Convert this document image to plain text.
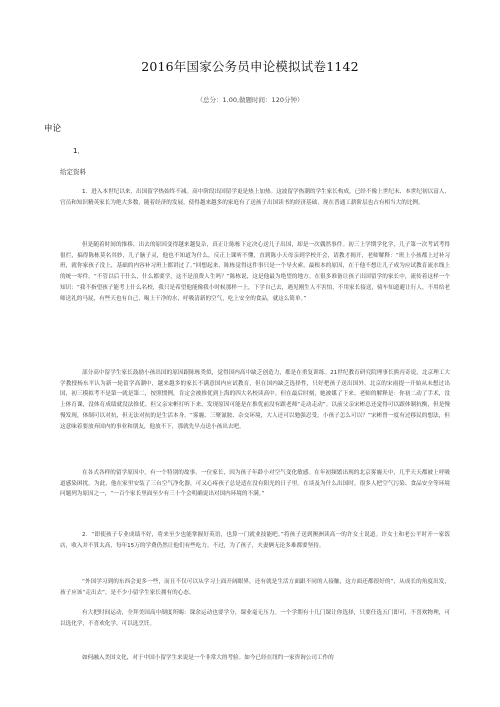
2016年国家公务员申论模拟试卷1142
（总分：1.00,做题时间：120分钟）
申论
1．
给定资料

1．进入本世纪以来，出国留学热始终不减。高中阶段出国留学更是热上加热。这波留学热潮的学生家长构成，已经不像上世纪末、本世纪初以富人、官员和知识精英家长为绝大多数，随着经济的发展，使得越来越多的家庭有了送孩子出国读书的经济基础，现在普通工薪阶层也占有相当大的比例。

但是随着时间的推移，出去的原因变得越来越复杂，真正让陈栋下定决心送儿子出国，却是一次偶然事件。初三上学期学化学，儿子第一次考试考得很烂，搞得陈栋莫名其妙，儿子脑子灵，他也不知道为什么，反正上课听不懂，直到陈小天母亲到学校开会，请教才揭开，老师解释：“班上小孩都上过补习班，就你家孩子没上，基础的内容补习班上都讲过了。”回想起来，陈栋觉得这件事只是一个导火索，最根本的原因，在于他不想让儿子成为应试教育流水线上的统一零件。“不管以后干什么，什么都要学，这不是浪费人生吗？”陈栋说，这是他最为绝望的地方。在很多准备让孩子出国留学的家长中，流传着这样一个知识：“我不指望孩子能考上什么名校，我只是希望他能像我小时候那样一上，下学自己去，遇见刚生人不害怕，不用家长接送，骑车知道避让行人，不用给老师送礼的马屁，有些天也有自己，喝上干净的水，呼吸清新的空气，吃上安全的食品，就这么简单。”

部分高中留学生家长鼓励小孩出国的原因跟陈栋类似，觉得国内高中缺乏创造力，都是在重复训练。21世纪教育研究院理事长熊丙奇说，北京理工大学教授杨东平认为新一轮留学高潮中，越来越多的家长不满意国内应试教育，但在国内缺乏选择性，只好把孩子送出国外。北京的宋雨提一开始从未想过出国，初三模拟考不是第一就是第二，按照惯例，肯定会被推优到上海的四大名校读高中。但在最后时刻，她被媒了下来。老师的解释是：你初二动了手术，没上体育课，没体育成绩就没法推优。但父亲宋彬打听下来，发现原因可能是在推优前没有跟老师“走动走动”。以前父亲宋彬总还觉得可以跟体制抗衡，但是慢慢发现，体制可以对抗，但无法对抗的是生活本身。“雾霾、三聚氰胺、杂交环境，大人还可以勉强忍受，小孩子怎么可以？”宋彬曾一度有过移民的想法，但这意味着要放弃国内的事业和朋友，他放不下，那就先早点送小孩出去吧。

在各式各样的留学原因中，有一个特别的故事。一位家长，因为孩子年龄小对空气变化敏感。在年初频繁出现的北京雾霾天中，几乎天天都被上呼吸道感染困扰。为此，他在家里安装了三台空气净化器，可又心疼孩子总是适在没有阳光的日子里。在谈及为什么出国时，很多人把空气污染、食品安全等环境问题列为原因之一，“一百个家长里面至少有三十个会明确说出对国内环境的不满。”

2．“即使孩子专业成绩不好，将来至少也能掌握好英语，也算一门就业技能吧。”将孩子送到澳洲读高一的许女士说道。许女士和老公平时开一家饭店，收入并不算太高，每年15万的学费仍然让他们有些吃力。不过，为了孩子，夫妻俩无论多难都要坚持。

“外国学习到的东西会更多一些，而且不仅可以从学习上面开阔眼界，还有就是生活方面跟不同的人接触，这方面还都很好的”，从成长的角度出发，孩子应该“走出去”，是不少小留学生家长拥有的心态。

有大把时间运动，全拜美国高中制度所赐：课余运动也要学分，课业毫无压力。一个学期有十几门课让你选择，只要任选五门即可，不喜欢物理，可以选化学，不喜欢化学，可以选烹饪。

如何融入美国文化，对于中国小留学生来说是一个非常大的考验。如今已经在纽约一家咨询公司工作的
